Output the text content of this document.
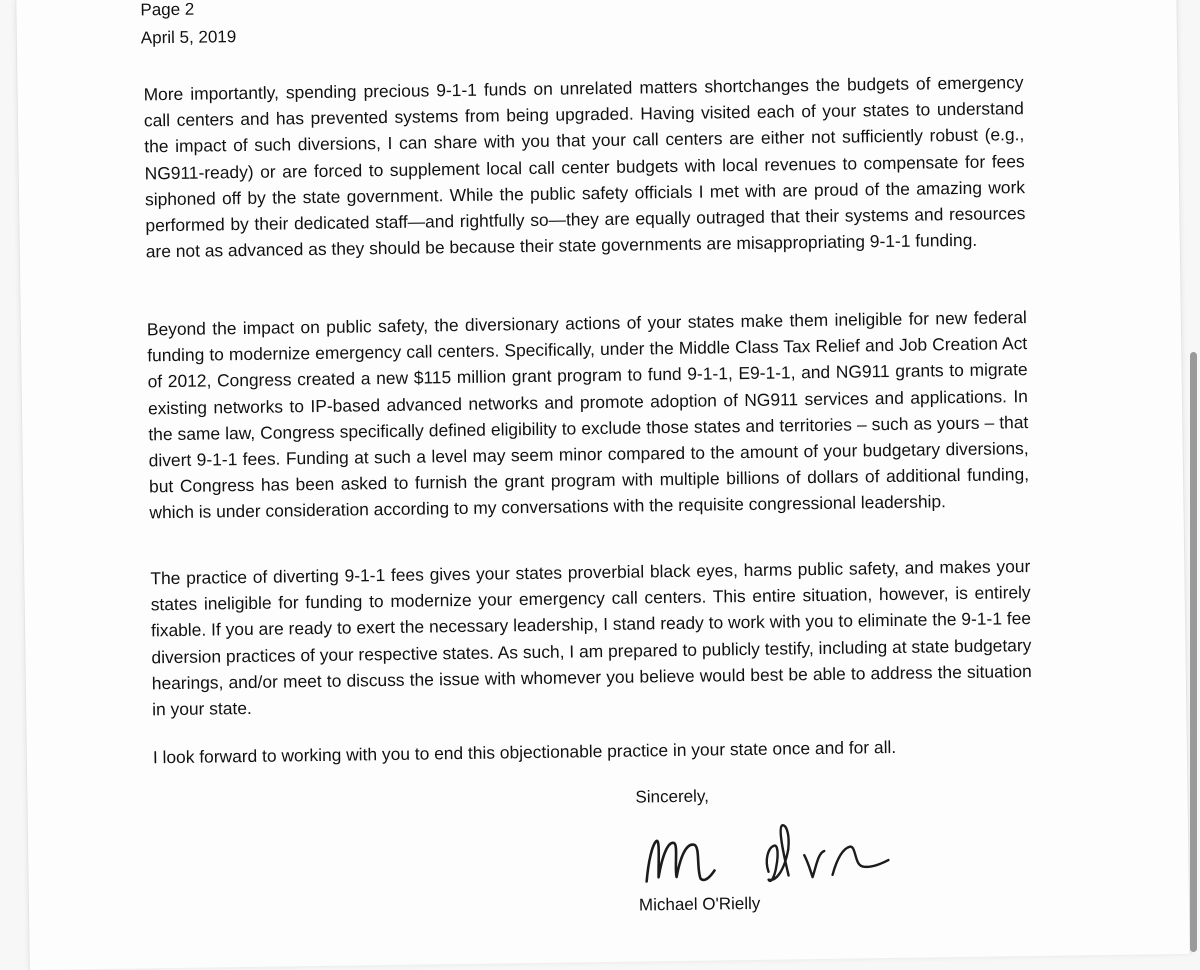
Page 2
April 5, 2019
More importantly, spending precious 9-1-1 funds on unrelated matters shortchanges the budgets of emergency call centers and has prevented systems from being upgraded. Having visited each of your states to understand the impact of such diversions, I can share with you that your call centers are either not sufficiently robust (e.g., NG911-ready) or are forced to supplement local call center budgets with local revenues to compensate for fees siphoned off by the state government. While the public safety officials I met with are proud of the amazing work performed by their dedicated staff—and rightfully so—they are equally outraged that their systems and resources are not as advanced as they should be because their state governments are misappropriating 9-1-1 funding.
Beyond the impact on public safety, the diversionary actions of your states make them ineligible for new federal funding to modernize emergency call centers. Specifically, under the Middle Class Tax Relief and Job Creation Act of 2012, Congress created a new $115 million grant program to fund 9-1-1, E9-1-1, and NG911 grants to migrate existing networks to IP-based advanced networks and promote adoption of NG911 services and applications. In the same law, Congress specifically defined eligibility to exclude those states and territories – such as yours – that divert 9-1-1 fees. Funding at such a level may seem minor compared to the amount of your budgetary diversions, but Congress has been asked to furnish the grant program with multiple billions of dollars of additional funding, which is under consideration according to my conversations with the requisite congressional leadership.
The practice of diverting 9-1-1 fees gives your states proverbial black eyes, harms public safety, and makes your states ineligible for funding to modernize your emergency call centers. This entire situation, however, is entirely fixable. If you are ready to exert the necessary leadership, I stand ready to work with you to eliminate the 9-1-1 fee diversion practices of your respective states. As such, I am prepared to publicly testify, including at state budgetary hearings, and/or meet to discuss the issue with whomever you believe would best be able to address the situation in your state.
I look forward to working with you to end this objectionable practice in your state once and for all.
Sincerely,
Michael O'Rielly
